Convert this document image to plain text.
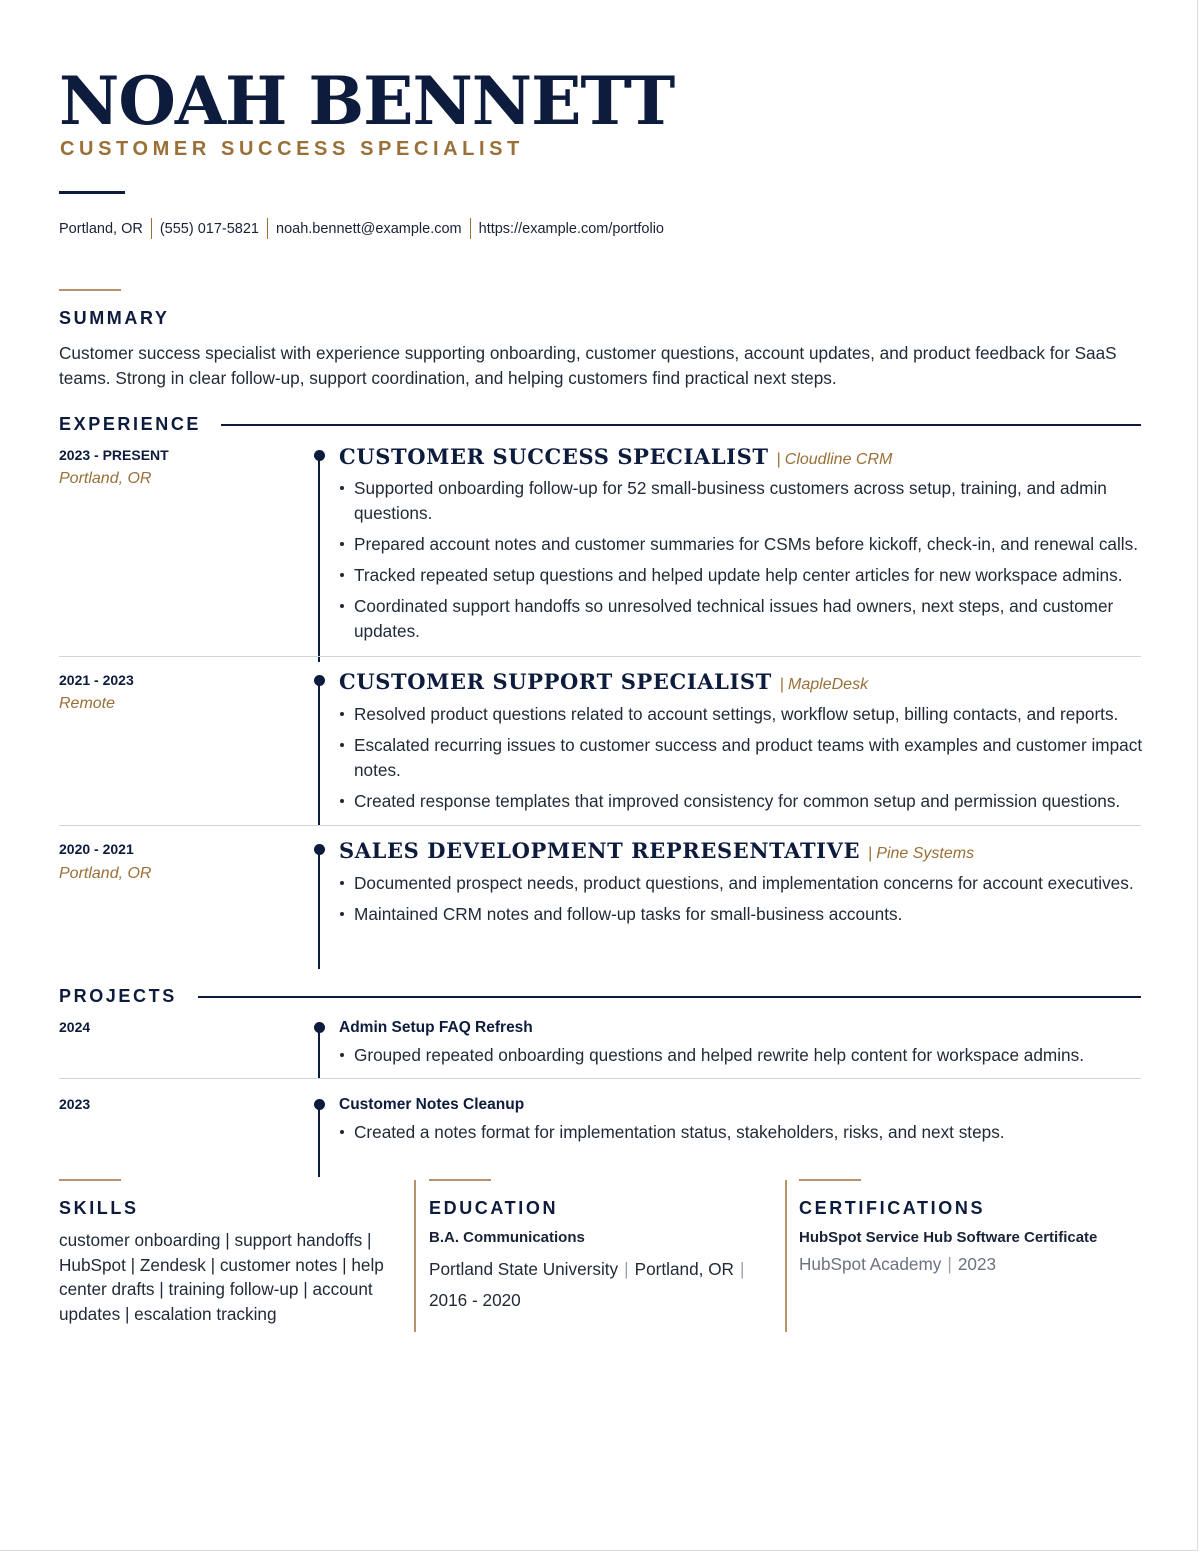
NOAH BENNETT
CUSTOMER SUCCESS SPECIALIST
Portland, OR (555) 017-5821 noah.bennett@example.com https://example.com/portfolio
SUMMARY
Customer success specialist with experience supporting onboarding, customer questions, account updates, and product feedback for SaaS teams. Strong in clear follow-up, support coordination, and helping customers find practical next steps.
EXPERIENCE
2023 - PRESENT
Portland, OR
CUSTOMER SUCCESS SPECIALIST | Cloudline CRM
Supported onboarding follow-up for 52 small-business customers across setup, training, and admin questions.
Prepared account notes and customer summaries for CSMs before kickoff, check-in, and renewal calls.
Tracked repeated setup questions and helped update help center articles for new workspace admins.
Coordinated support handoffs so unresolved technical issues had owners, next steps, and customer updates.
2021 - 2023
Remote
CUSTOMER SUPPORT SPECIALIST | MapleDesk
Resolved product questions related to account settings, workflow setup, billing contacts, and reports.
Escalated recurring issues to customer success and product teams with examples and customer impact notes.
Created response templates that improved consistency for common setup and permission questions.
2020 - 2021
Portland, OR
SALES DEVELOPMENT REPRESENTATIVE | Pine Systems
Documented prospect needs, product questions, and implementation concerns for account executives.
Maintained CRM notes and follow-up tasks for small-business accounts.
PROJECTS
2024	Admin Setup FAQ Refresh
Grouped repeated onboarding questions and helped rewrite help content for workspace admins.
2023	Customer Notes Cleanup
Created a notes format for implementation status, stakeholders, risks, and next steps.
SKILLS
customer onboarding | support handoffs | HubSpot | Zendesk | customer notes | help center drafts | training follow-up | account updates | escalation tracking
EDUCATION
B.A. Communications
Portland State University | Portland, OR |
2016 - 2020
CERTIFICATIONS
HubSpot Service Hub Software Certificate
HubSpot Academy | 2023
